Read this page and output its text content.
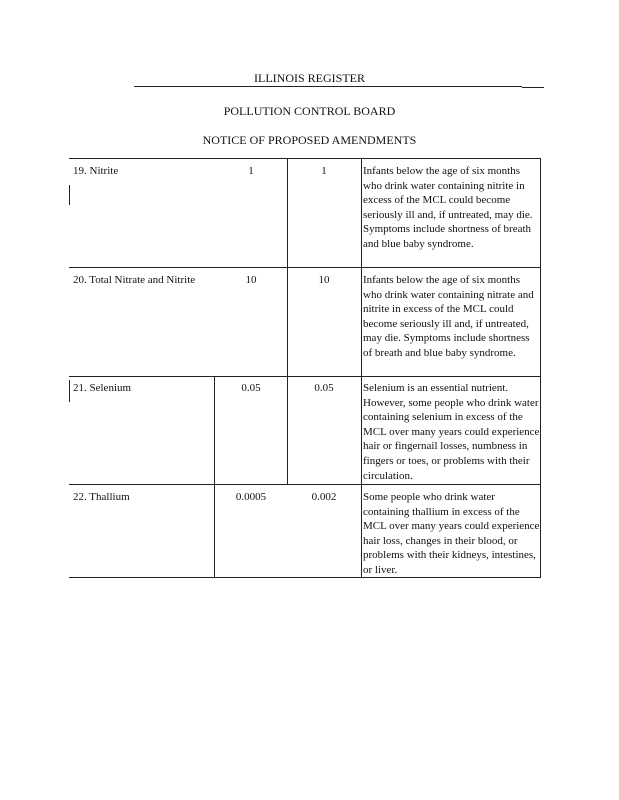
ILLINOIS REGISTER
POLLUTION CONTROL BOARD
NOTICE OF PROPOSED AMENDMENTS
19. Nitrite	1	1	Infants below the age of six months who drink water containing nitrite in excess of the MCL could become seriously ill and, if untreated, may die. Symptoms include shortness of breath and blue baby syndrome.
20. Total Nitrate and Nitrite	10	10	Infants below the age of six months who drink water containing nitrate and nitrite in excess of the MCL could become seriously ill and, if untreated, may die. Symptoms include shortness of breath and blue baby syndrome.
21. Selenium	0.05	0.05	Selenium is an essential nutrient. However, some people who drink water containing selenium in excess of the MCL over many years could experience hair or fingernail losses, numbness in fingers or toes, or problems with their circulation.
22. Thallium	0.0005	0.002	Some people who drink water containing thallium in excess of the MCL over many years could experience hair loss, changes in their blood, or problems with their kidneys, intestines, or liver.
